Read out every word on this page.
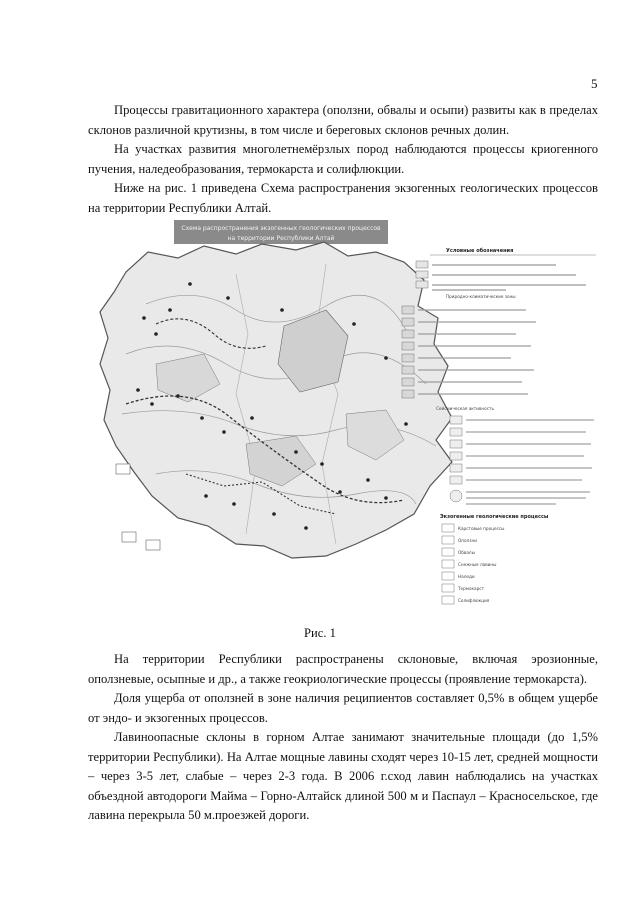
5

Процессы гравитационного характера (оползни, обвалы и осыпи) развиты как в пределах склонов различной крутизны, в том числе и береговых склонов речных долин.

На участках развития многолетнемёрзлых пород наблюдаются процессы криогенного пучения, наледеобразования, термокарста и солифлюкции.

Ниже на рис. 1 приведена Схема распространения экзогенных геологических процессов на территории Республики Алтай.

Схема распространения экзогенных геологических процессов
на территории Республики Алтай
Условные обозначения
Природно-климатические зоны
Сейсмическая активность
Экзогенные геологические процессы
Карстовые процессы
Оползни
Обвалы
Снежные лавины
Наледи
Термокарст
Солифлюкция
Рис. 1

На территории Республики распространены склоновые, включая эрозионные, оползневые, осыпные и др., а также геокриологические процессы (проявление термокарста).

Доля ущерба от оползней в зоне наличия реципиентов составляет 0,5% в общем ущербе от эндо- и экзогенных процессов.

Лавиноопасные склоны в горном Алтае занимают значительные площади (до 1,5% территории Республики). На Алтае мощные лавины сходят через 10-15 лет, средней мощности – через 3-5 лет, слабые – через 2-3 года. В 2006 г.сход лавин наблюдались на участках объездной автодороги Майма – Горно-Алтайск длиной 500 м и Паспаул – Красносельское, где лавина перекрыла 50 м.проезжей дороги.
